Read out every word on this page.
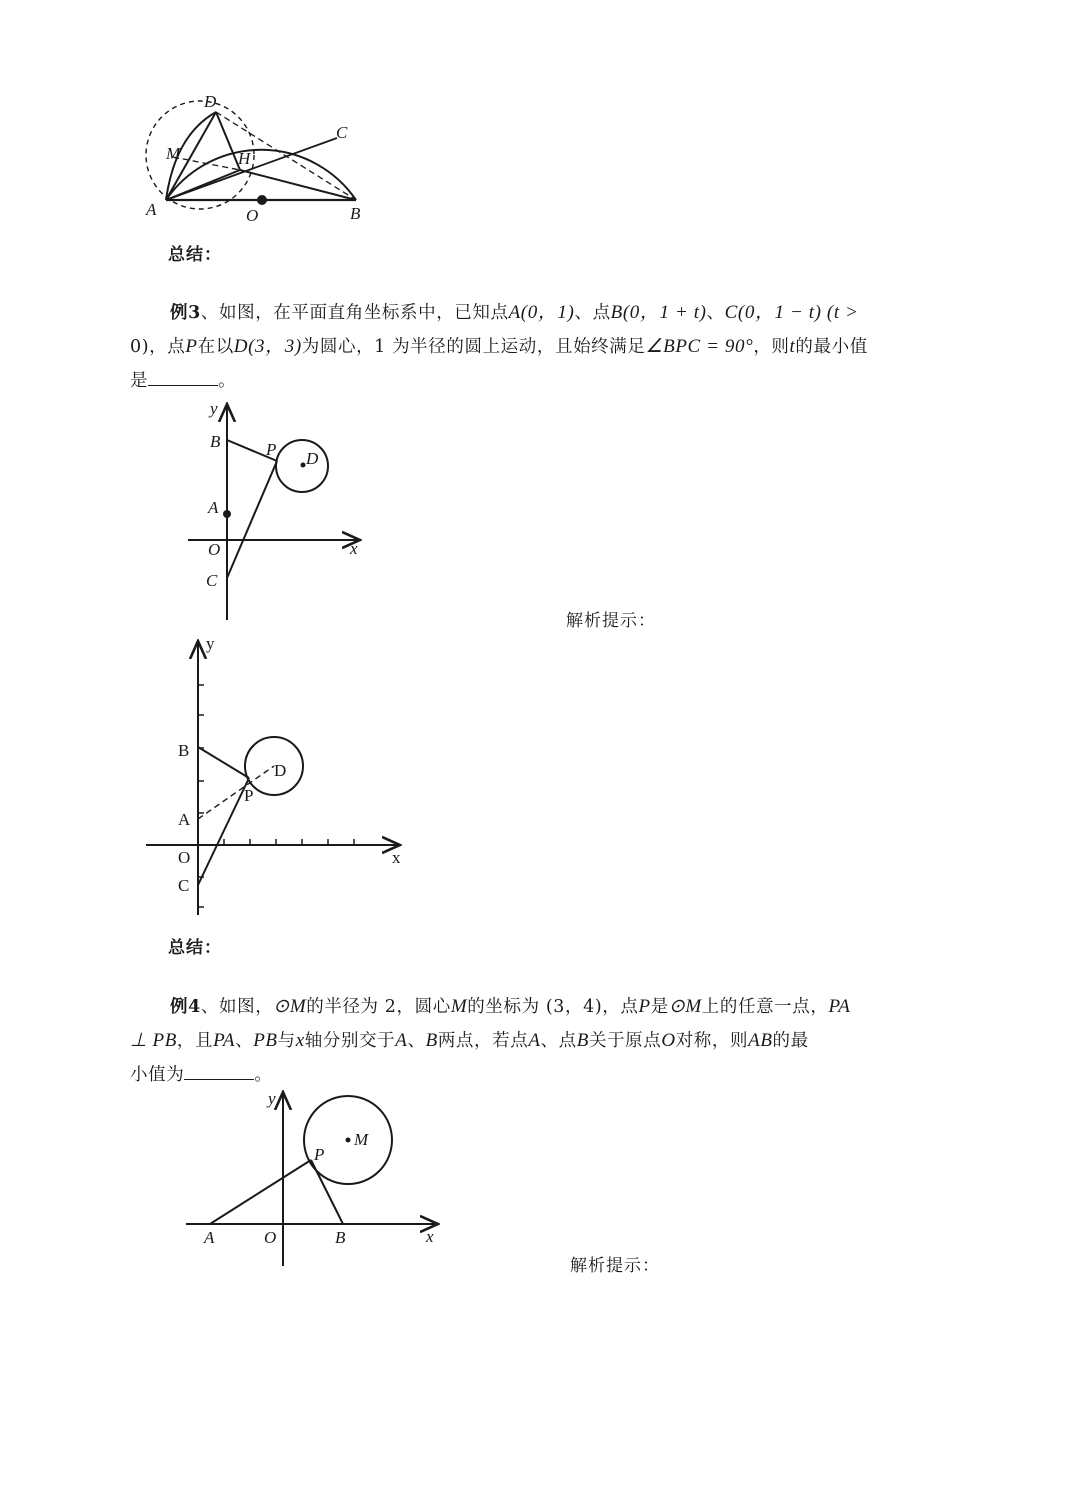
D
C
M	H
A	O	B
总结：
例3、如图，在平面直角坐标系中，已知点A(0，1)、点B(0，1 + t)、C(0，1 − t) (t >
0)，点P在以D(3，3)为圆心，1 为半径的圆上运动，且始终满足∠BPC = 90°，则t的最小值
是	。
y
x
B	P D
A
O
C
解析提示：
y
x
B
D
P
A
O
C
总结：
例4、如图，⊙M的半径为 2，圆心M的坐标为 (3，4)，点P是⊙M上的任意一点，PA
⊥ PB，且PA、PB与x轴分别交于A、B两点，若点A、点B关于原点O对称，则AB的最
小值为	。
y
x
M
P
A	O	B
解析提示：
